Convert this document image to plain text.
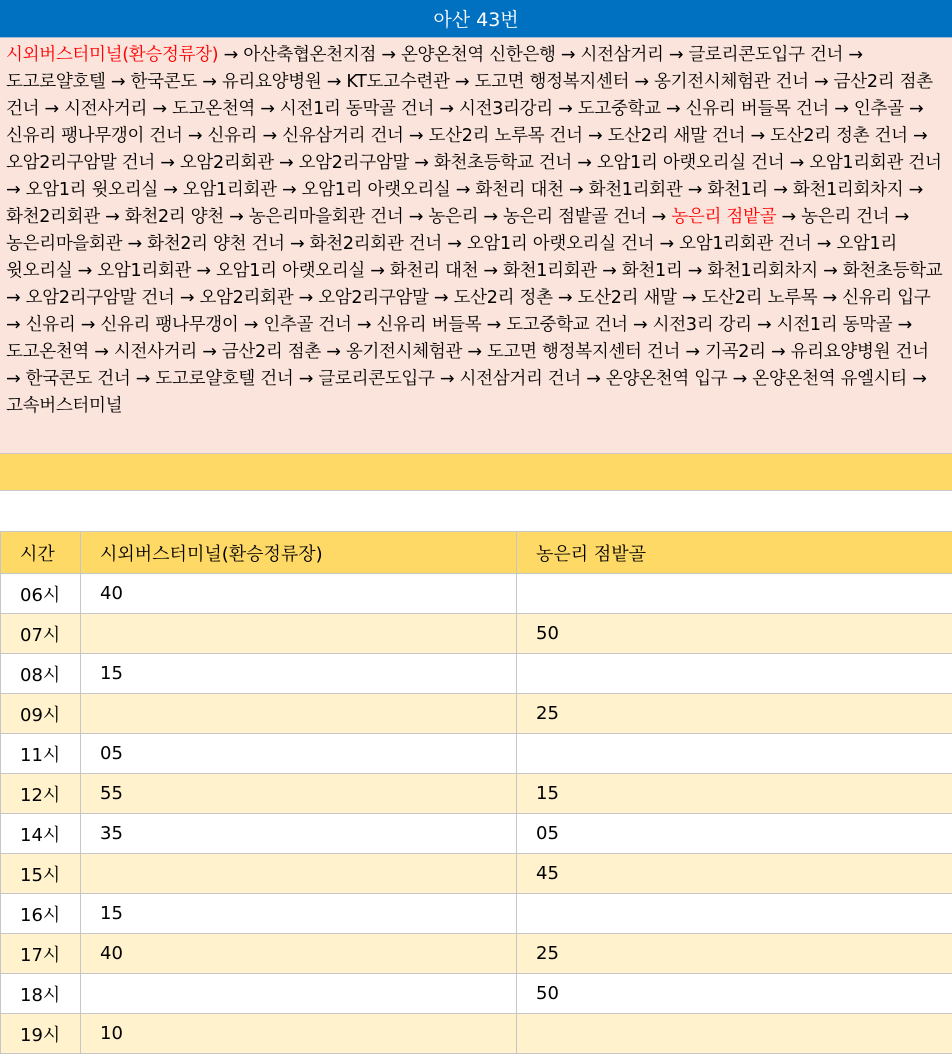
아산 43번
시외버스터미널(환승정류장) → 아산축협온천지점 → 온양온천역 신한은행 → 시전삼거리 → 글로리콘도입구 건너 → 도고로얄호텔 → 한국콘도 → 유리요양병원 → KT도고수련관 → 도고면 행정복지센터 → 옹기전시체험관 건너 → 금산2리 점촌 건너 → 시전사거리 → 도고온천역 → 시전1리 동막골 건너 → 시전3리강리 → 도고중학교 → 신유리 버들목 건너 → 인추골 → 신유리 팽나무갱이 건너 → 신유리 → 신유삼거리 건너 → 도산2리 노루목 건너 → 도산2리 새말 건너 → 도산2리 정촌 건너 → 오암2리구암말 건너 → 오암2리회관 → 오암2리구암말 → 화천초등학교 건너 → 오암1리 아랫오리실 건너 → 오암1리회관 건너 → 오암1리 윗오리실 → 오암1리회관 → 오암1리 아랫오리실 → 화천리 대천 → 화천1리회관 → 화천1리 → 화천1리회차지 → 화천2리회관 → 화천2리 양천 → 농은리마을회관 건너 → 농은리 → 농은리 점밭골 건너 → 농은리 점밭골 → 농은리 건너 → 농은리마을회관 → 화천2리 양천 건너 → 화천2리회관 건너 → 오암1리 아랫오리실 건너 → 오암1리회관 건너 → 오암1리 윗오리실 → 오암1리회관 → 오암1리 아랫오리실 → 화천리 대천 → 화천1리회관 → 화천1리 → 화천1리회차지 → 화천초등학교 → 오암2리구암말 건너 → 오암2리회관 → 오암2리구암말 → 도산2리 정촌 → 도산2리 새말 → 도산2리 노루목 → 신유리 입구 → 신유리 → 신유리 팽나무갱이 → 인추골 건너 → 신유리 버들목 → 도고중학교 건너 → 시전3리 강리 → 시전1리 동막골 → 도고온천역 → 시전사거리 → 금산2리 점촌 → 옹기전시체험관 → 도고면 행정복지센터 건너 → 기곡2리 → 유리요양병원 건너 → 한국콘도 건너 → 도고로얄호텔 건너 → 글로리콘도입구 → 시전삼거리 건너 → 온양온천역 입구 → 온양온천역 유엘시티 → 고속버스터미널
시간	시외버스터미널(환승정류장)	농은리 점밭골
06시	40	
07시		50
08시	15	
09시		25
11시	05	
12시	55	15
14시	35	05
15시		45
16시	15	
17시	40	25
18시		50
19시	10	
